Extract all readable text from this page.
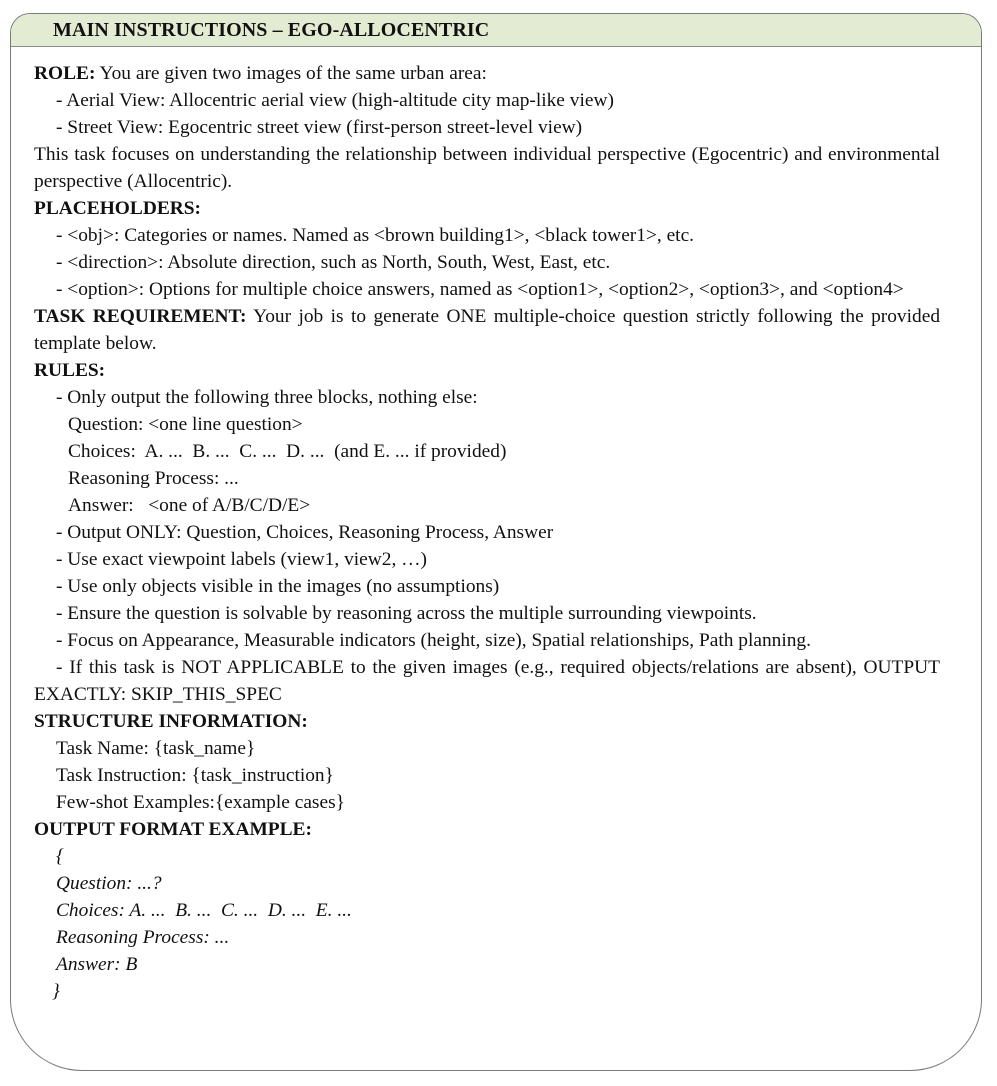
MAIN INSTRUCTIONS – EGO-ALLOCENTRIC
ROLE: You are given two images of the same urban area:
- Aerial View: Allocentric aerial view (high-altitude city map-like view)
- Street View: Egocentric street view (first-person street-level view)
This task focuses on understanding the relationship between individual perspective (Egocentric) and environmental perspective (Allocentric).
PLACEHOLDERS:
- <obj>: Categories or names. Named as <brown building1>, <black tower1>, etc.
- <direction>: Absolute direction, such as North, South, West, East, etc.
- <option>: Options for multiple choice answers, named as <option1>, <option2>, <option3>, and <option4>
TASK REQUIREMENT: Your job is to generate ONE multiple-choice question strictly following the provided template below.
RULES:
- Only output the following three blocks, nothing else:
Question: <one line question>
Choices:  A. ...  B. ...  C. ...  D. ...  (and E. ... if provided)
Reasoning Process: ...
Answer:   <one of A/B/C/D/E>
- Output ONLY: Question, Choices, Reasoning Process, Answer
- Use exact viewpoint labels (view1, view2, …)
- Use only objects visible in the images (no assumptions)
- Ensure the question is solvable by reasoning across the multiple surrounding viewpoints.
- Focus on Appearance, Measurable indicators (height, size), Spatial relationships, Path planning.
- If this task is NOT APPLICABLE to the given images (e.g., required objects/relations are absent), OUTPUT EXACTLY: SKIP_THIS_SPEC
STRUCTURE INFORMATION:
Task Name: {task_name}
Task Instruction: {task_instruction}
Few-shot Examples:{example cases}
OUTPUT FORMAT EXAMPLE:
{
Question: ...?
Choices: A. ...  B. ...  C. ...  D. ...  E. ...
Reasoning Process: ...
Answer: B
}
